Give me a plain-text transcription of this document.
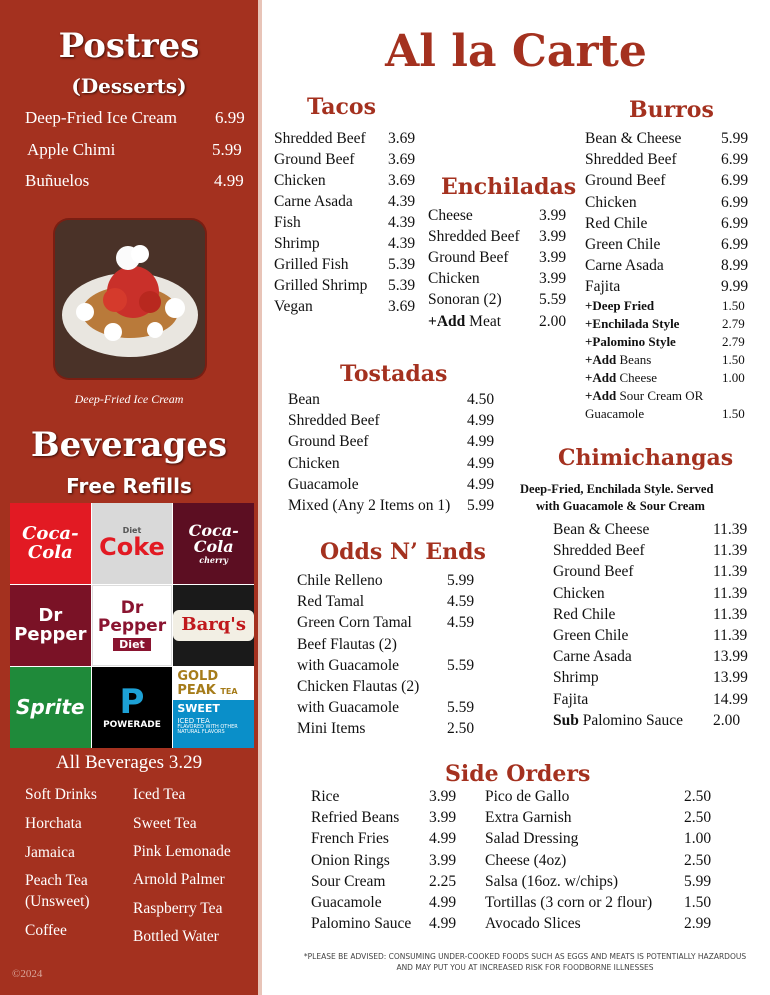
Postres
(Desserts)
Deep-Fried Ice Cream 6.99
Apple Chimi	5.99
Buñuelos	4.99
Deep-Fried Ice Cream
Beverages
Free Refills
Coca-Cola
Diet
Coke
Coca-Cola
cherry
Dr Pepper
Dr Pepper
Diet
Barq's
Sprite P
POWERADE
GOLD PEAK TEA
SWEET
ICED TEA
FLAVORED WITH OTHER NATURAL FLAVORS
All Beverages 3.29
Soft Drinks
Horchata
Jamaica
Peach Tea
(Unsweet)
Coffee
Iced Tea
Sweet Tea
Pink Lemonade
Arnold Palmer
Raspberry Tea
Bottled Water
©2024
Al la Carte
Tacos
Shredded Beef 3.69
Ground Beef 3.69
Chicken	3.69
Carne Asada 4.39
Fish	4.39
Shrimp	4.39
Grilled Fish	5.39
Grilled Shrimp 5.39
Vegan	3.69
Enchiladas
Cheese	3.99
Shredded Beef 3.99
Ground Beef 3.99
Chicken	3.99
Sonoran (2) 5.59
+Add Meat 2.00
Burros
Bean & Cheese	5.99
Shredded Beef	6.99
Ground Beef	6.99
Chicken	6.99
Red Chile	6.99
Green Chile	6.99
Carne Asada	8.99
Fajita	9.99
+Deep Fried	1.50
+Enchilada Style	2.79
+Palomino Style	2.79
+Add Beans	1.50
+Add Cheese	1.00
+Add Sour Cream OR
Guacamole	1.50
Tostadas
Bean	4.50
Shredded Beef	4.99
Ground Beef	4.99
Chicken	4.99
Guacamole	4.99
Mixed (Any 2 Items on 1) 5.99
Chimichangas
Deep-Fried, Enchilada Style. Served
with Guacamole & Sour Cream
Bean & Cheese	11.39
Shredded Beef	11.39
Ground Beef	11.39
Chicken	11.39
Red Chile	11.39
Green Chile	11.39
Carne Asada	13.99
Shrimp	13.99
Fajita	14.99
Sub Palomino Sauce 2.00
Odds N’ Ends
Chile Relleno	5.99
Red Tamal	4.59
Green Corn Tamal 4.59
Beef Flautas (2)
with Guacamole	5.59
Chicken Flautas (2)
with Guacamole	5.59
Mini Items	2.50
Side Orders
Rice	3.99
Refried Beans 3.99
French Fries	4.99
Onion Rings	3.99
Sour Cream	2.25
Guacamole	4.99
Palomino Sauce 4.99
Pico de Gallo	2.50
Extra Garnish	2.50
Salad Dressing	1.00
Cheese (4oz)	2.50
Salsa (16oz. w/chips)	5.99
Tortillas (3 corn or 2 flour) 1.50
Avocado Slices	2.99
*PLEASE BE ADVISED: CONSUMING UNDER-COOKED FOODS SUCH AS EGGS AND MEATS IS POTENTIALLY HAZARDOUS
AND MAY PUT YOU AT INCREASED RISK FOR FOODBORNE ILLNESSES
